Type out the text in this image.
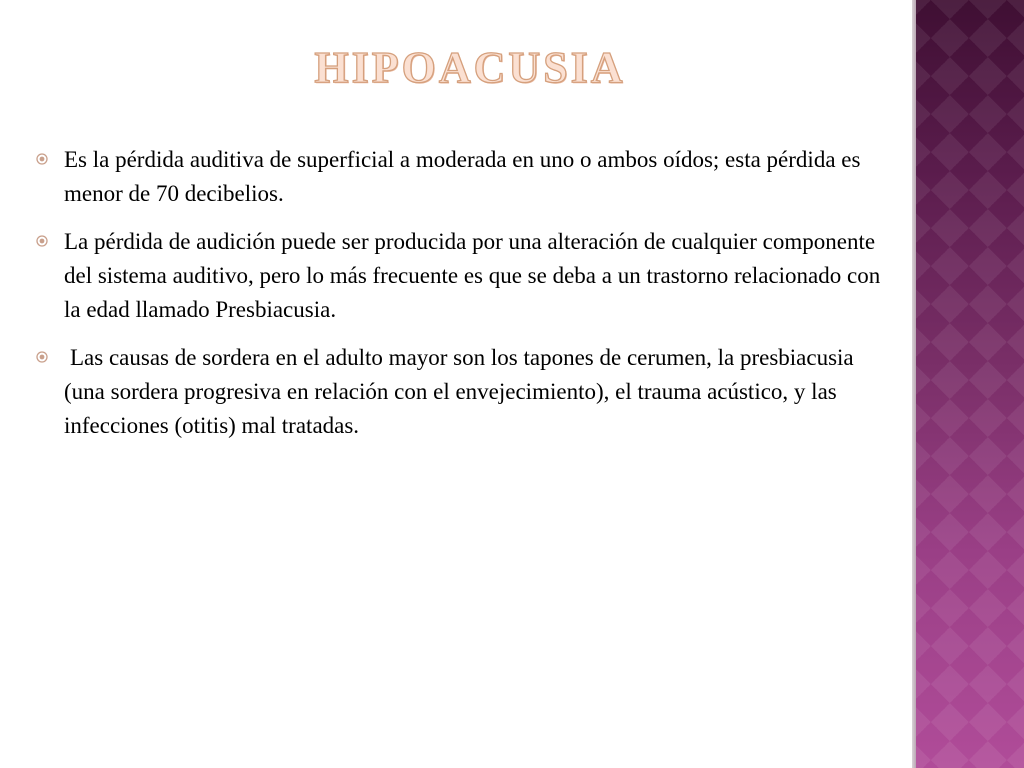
HIPOACUSIA
Es la pérdida auditiva de superficial a moderada en uno o ambos oídos; esta pérdida es menor de 70 decibelios.
La pérdida de audición puede ser producida por una alteración de cualquier componente del sistema auditivo, pero lo más frecuente es que se deba a un trastorno relacionado con la edad llamado Presbiacusia.
Las causas de sordera en el adulto mayor son los tapones de cerumen, la presbiacusia (una sordera progresiva en relación con el envejecimiento), el trauma acústico, y las infecciones (otitis) mal tratadas.
